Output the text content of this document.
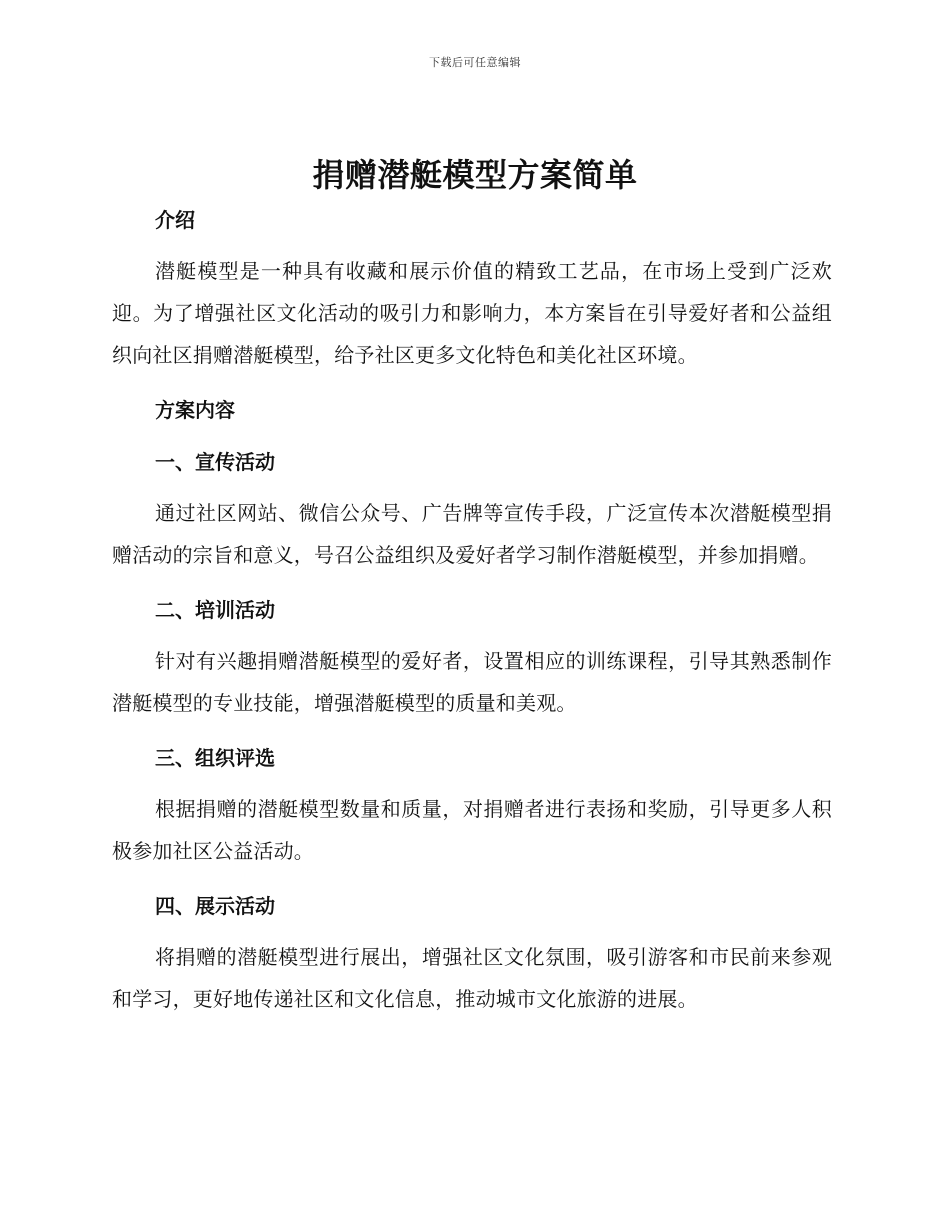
下载后可任意编辑
捐赠潜艇模型方案简单
介绍

潜艇模型是一种具有收藏和展示价值的精致工艺品，在市场上受到广泛欢迎。为了增强社区文化活动的吸引力和影响力，本方案旨在引导爱好者和公益组织向社区捐赠潜艇模型，给予社区更多文化特色和美化社区环境。

方案内容
一、宣传活动

通过社区网站、微信公众号、广告牌等宣传手段，广泛宣传本次潜艇模型捐赠活动的宗旨和意义，号召公益组织及爱好者学习制作潜艇模型，并参加捐赠。

二、培训活动

针对有兴趣捐赠潜艇模型的爱好者，设置相应的训练课程，引导其熟悉制作潜艇模型的专业技能，增强潜艇模型的质量和美观。

三、组织评选

根据捐赠的潜艇模型数量和质量，对捐赠者进行表扬和奖励，引导更多人积极参加社区公益活动。

四、展示活动

将捐赠的潜艇模型进行展出，增强社区文化氛围，吸引游客和市民前来参观和学习，更好地传递社区和文化信息，推动城市文化旅游的进展。
